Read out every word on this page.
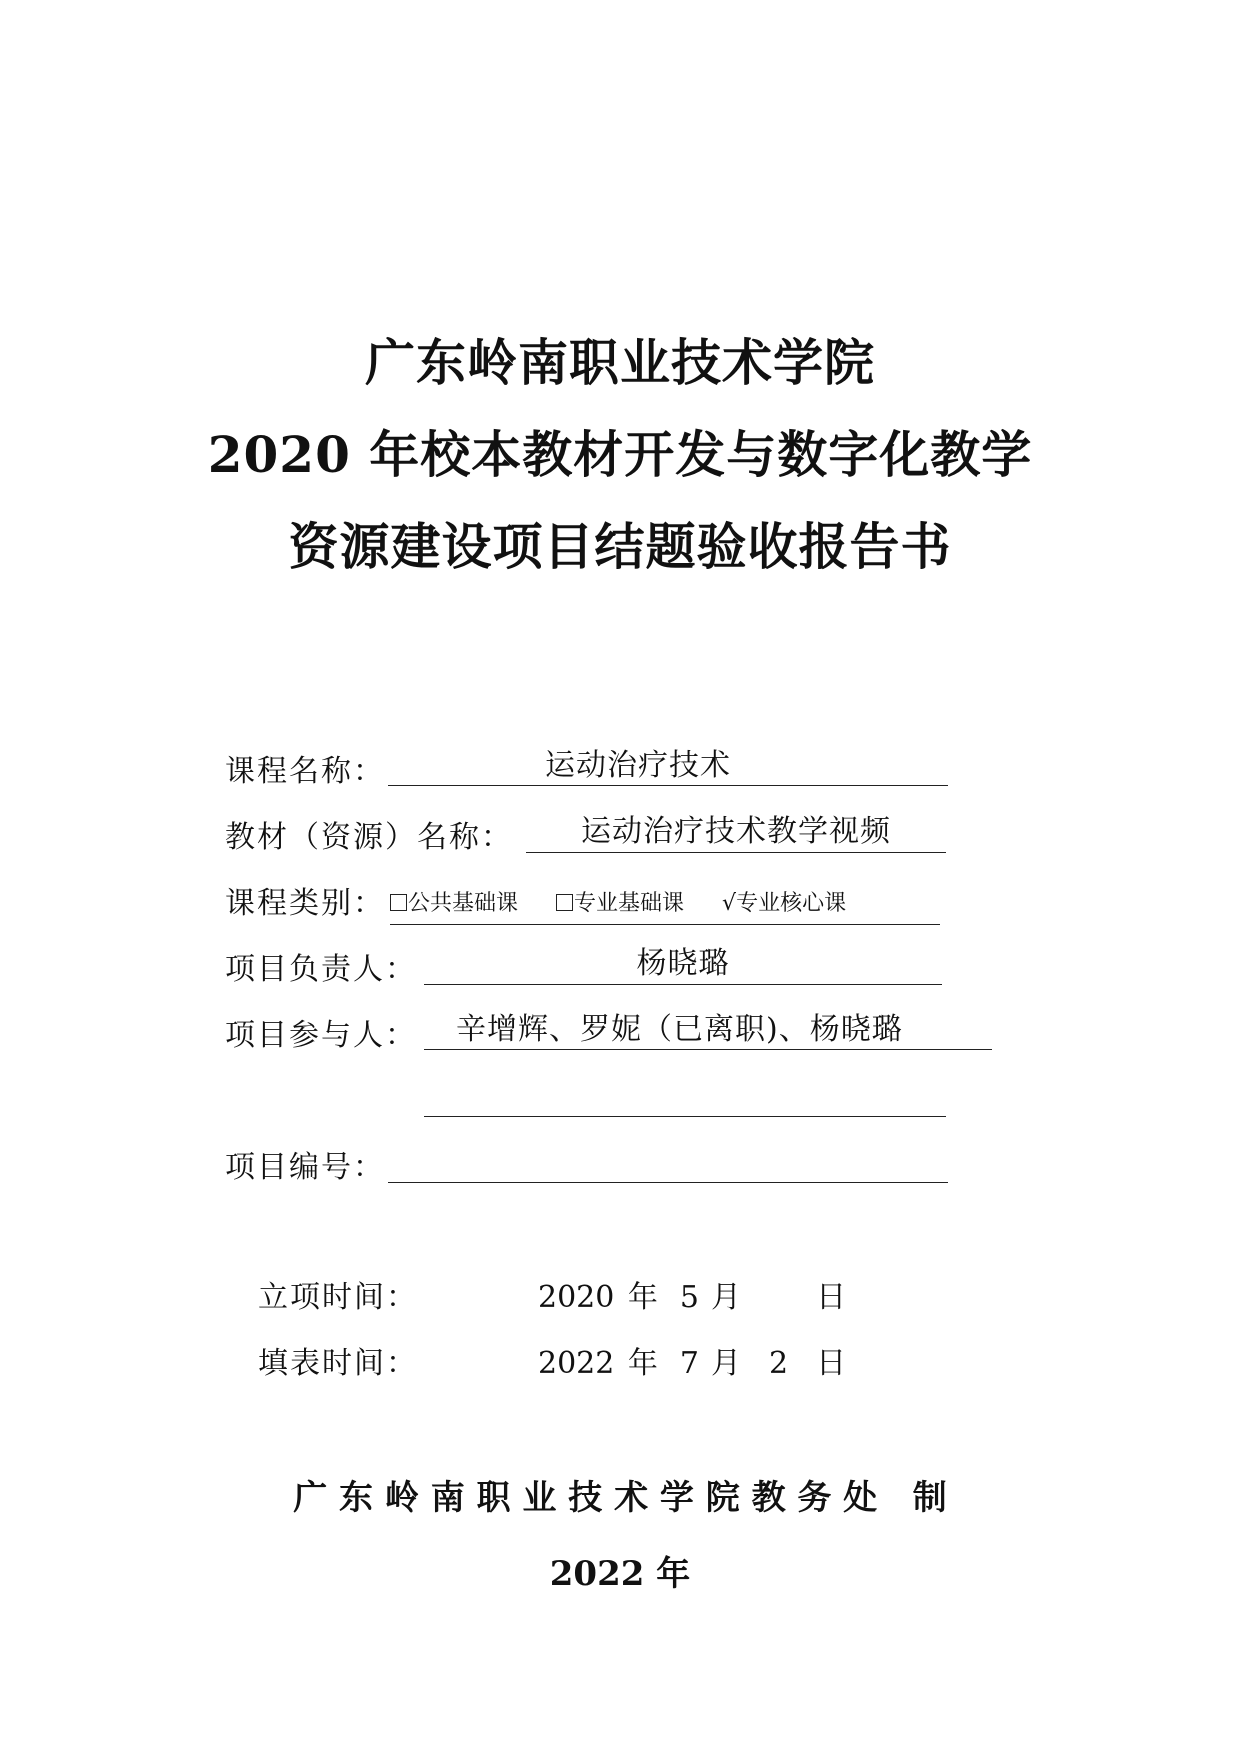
广东岭南职业技术学院
2020 年校本教材开发与数字化教学
资源建设项目结题验收报告书
课程名称：	运动治疗技术
教材（资源）名称：	运动治疗技术教学视频
课程类别：	公共基础课	专业基础课 √专业核心课
项目负责人：	杨晓璐
项目参与人：	辛增辉、罗妮（已离职)、杨晓璐
项目编号：
立项时间：	2020 年 5 月	日
填表时间：	2022 年 7 月 2 日
广 东 岭 南 职 业 技 术 学 院 教 务 处   制
2022 年
